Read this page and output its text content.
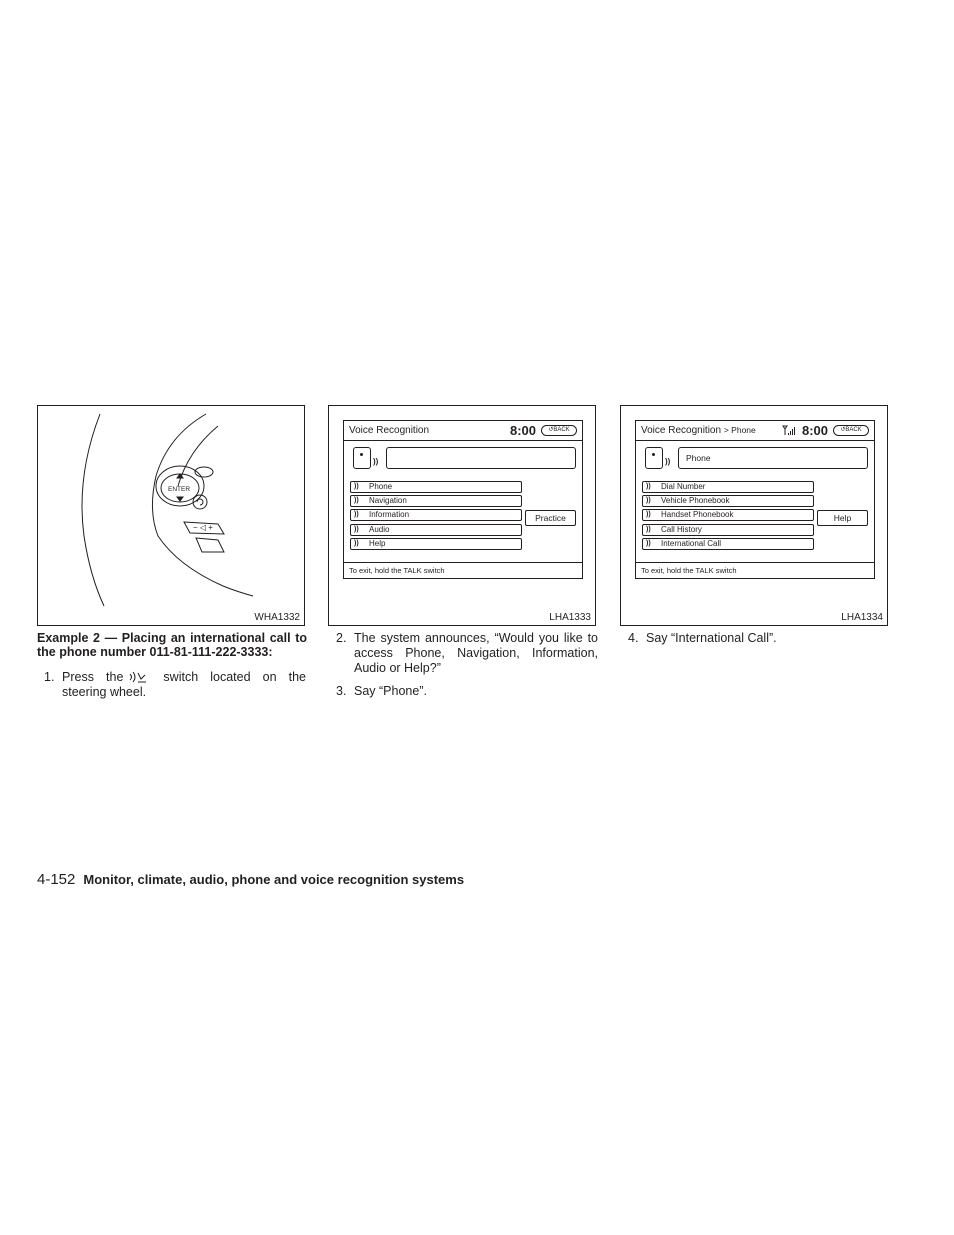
ENTER
− ◁ +
WHA1332
Voice Recognition	8:00	↺BACK
))
)) Phone
)) Navigation
)) Information
)) Audio
)) Help
Practice
To exit, hold the TALK switch
LHA1333
Voice Recognition > Phone	8:00	↺BACK
))	Phone
)) Dial Number
)) Vehicle Phonebook
)) Handset Phonebook
)) Call History
)) International Call
Help
To exit, hold the TALK switch
LHA1334
Example 2 — Placing an international call to the phone number 011-81-111-222-3333:
1. Press the	switch located on the steering wheel.
2. The system announces, “Would you like to access Phone, Navigation, Information, Audio or Help?”
3. Say “Phone”.
4. Say “International Call”.
4-152 Monitor, climate, audio, phone and voice recognition systems
